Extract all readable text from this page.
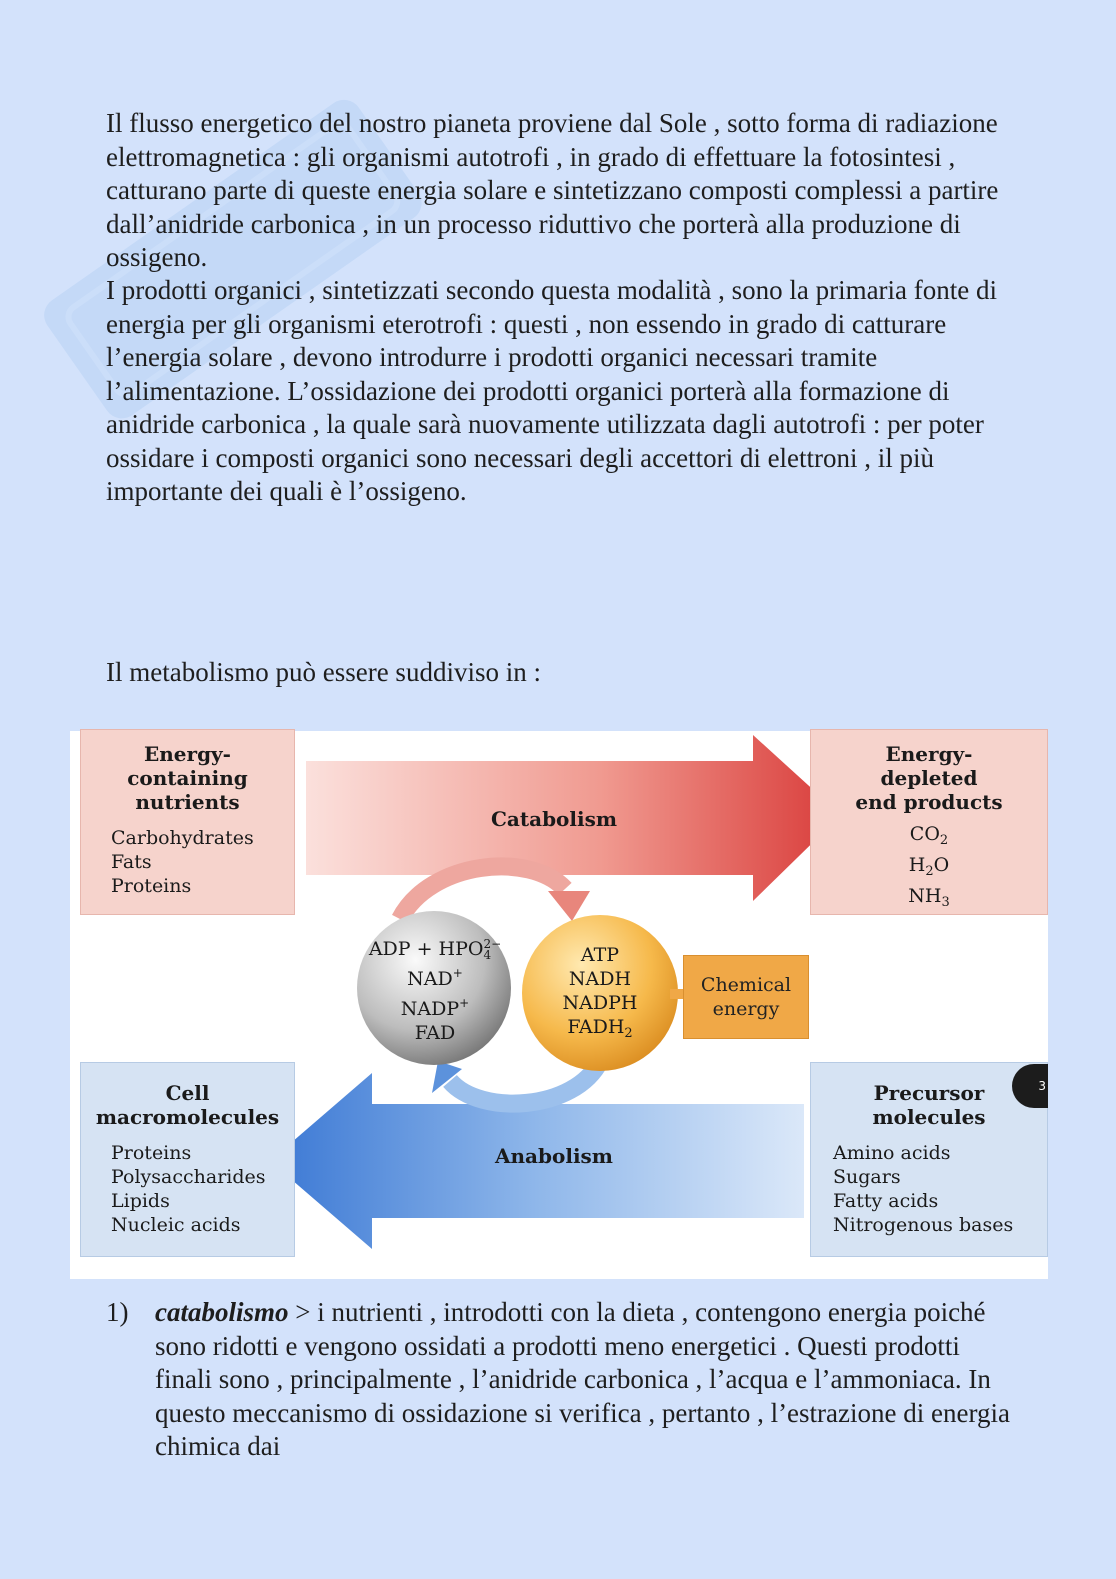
Il flusso energetico del nostro pianeta proviene dal Sole , sotto forma di radiazione elettromagnetica : gli organismi autotrofi , in grado di effettuare la fotosintesi , catturano parte di queste energia solare e sintetizzano composti complessi a partire dall’anidride carbonica , in un processo riduttivo che porterà alla produzione di ossigeno.

I prodotti organici , sintetizzati secondo questa modalità , sono la primaria fonte di energia per gli organismi eterotrofi : questi , non essendo in grado di catturare l’energia solare , devono introdurre i prodotti organici necessari tramite l’alimentazione. L’ossidazione dei prodotti organici porterà alla formazione di anidride carbonica , la quale sarà nuovamente utilizzata dagli autotrofi : per poter ossidare i composti organici sono necessari degli accettori di elettroni , il più importante dei quali è l’ossigeno.

Il metabolismo può essere suddiviso in :

Energy-
containing
nutrients
Carbohydrates
Fats
Proteins
Energy-
depleted
end products
$CO_2$
$H_2O$
$NH_3$
Cell
macromolecules
Proteins
Polysaccharides
Lipids
Nucleic acids
Precursor
molecules
Amino acids
Sugars
Fatty acids
Nitrogenous bases
Catabolism
Anabolism
ADP + HPO 2−
4
NAD+
NADP+
FAD
ATP
NADH
NADPH
$FADH_2$
Chemical
energy
3
1) catabolismo > i nutrienti , introdotti con la dieta , contengono energia poiché sono ridotti e vengono ossidati a prodotti meno energetici . Questi prodotti finali sono , principalmente , l’anidride carbonica , l’acqua e l’ammoniaca. In questo meccanismo di ossidazione si verifica , pertanto , l’estrazione di energia chimica dai
